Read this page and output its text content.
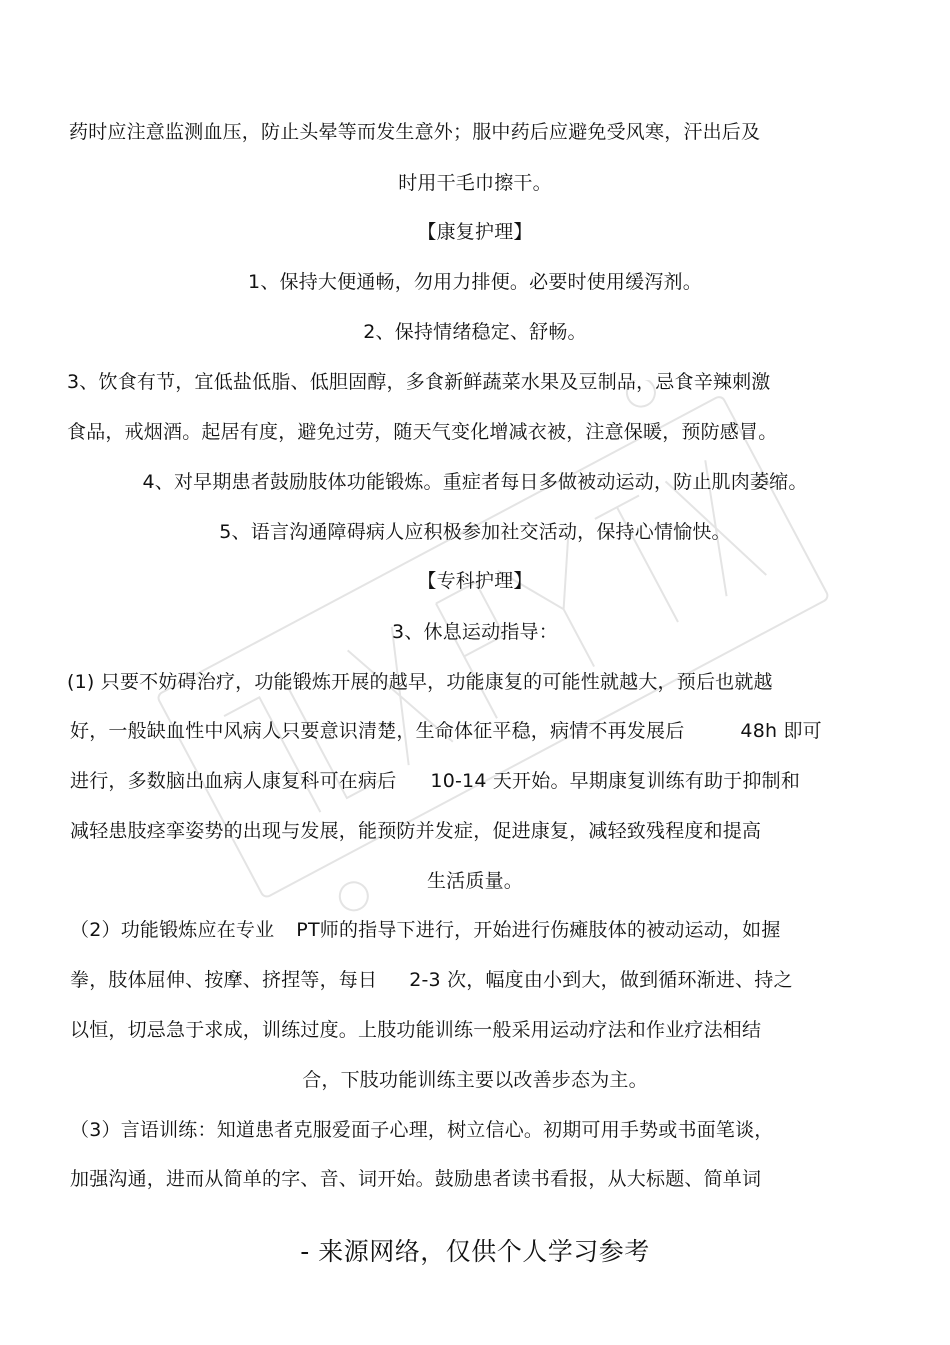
药时应注意监测血压，防止头晕等而发生意外；服中药后应避免受风寒，汗出后及
时用干毛巾擦干。
【康复护理】
1、保持大便通畅，勿用力排便。必要时使用缓泻剂。
2、保持情绪稳定、舒畅。
3、饮食有节，宜低盐低脂、低胆固醇，多食新鲜蔬菜水果及豆制品，忌食辛辣刺激
食品，戒烟酒。起居有度，避免过劳，随天气变化增减衣被，注意保暖，预防感冒。
4、对早期患者鼓励肢体功能锻炼。重症者每日多做被动运动，防止肌肉萎缩。
5、语言沟通障碍病人应积极参加社交活动，保持心情愉快。
【专科护理】
3、休息运动指导：
(1) 只要不妨碍治疗，功能锻炼开展的越早，功能康复的可能性就越大，预后也就越
好，一般缺血性中风病人只要意识清楚，生命体征平稳，病情不再发展后	48h 即可
进行，多数脑出血病人康复科可在病后 10-14 天开始。早期康复训练有助于抑制和
减轻患肢痉挛姿势的出现与发展，能预防并发症，促进康复，减轻致残程度和提高
生活质量。
（2）功能锻炼应在专业 PT师的指导下进行，开始进行伤瘫肢体的被动运动，如握
拳，肢体屈伸、按摩、挤捏等，每日 2-3 次，幅度由小到大，做到循环渐进、持之
以恒，切忌急于求成，训练过度。上肢功能训练一般采用运动疗法和作业疗法相结
合，下肢功能训练主要以改善步态为主。
（3）言语训练：知道患者克服爱面子心理，树立信心。初期可用手势或书面笔谈，
加强沟通，进而从简单的字、音、词开始。鼓励患者读书看报，从大标题、简单词
- 来源网络，仅供个人学习参考
